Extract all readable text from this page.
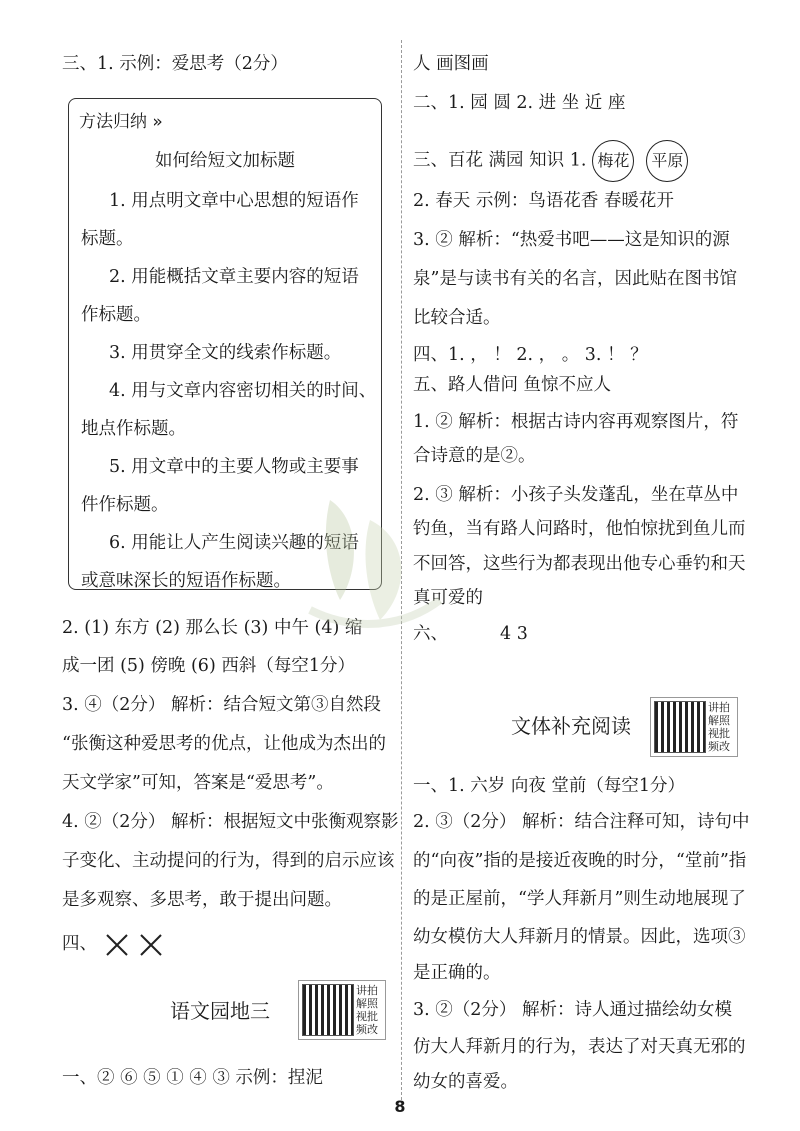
三、1. 示例：爱思考（2分）
方法归纳 »
如何给短文加标题
1. 用点明文章中心思想的短语作
标题。
2. 用能概括文章主要内容的短语
作标题。
3. 用贯穿全文的线索作标题。
4. 用与文章内容密切相关的时间、
地点作标题。
5. 用文章中的主要人物或主要事
件作标题。
6. 用能让人产生阅读兴趣的短语
或意味深长的短语作标题。
2. (1) 东方 (2) 那么长 (3) 中午 (4) 缩
成一团 (5) 傍晚 (6) 西斜（每空1分）
3. ④（2分） 解析：结合短文第③自然段
“张衡这种爱思考的优点，让他成为杰出的
天文学家”可知，答案是“爱思考”。
4. ②（2分） 解析：根据短文中张衡观察影
子变化、主动提问的行为，得到的启示应该
是多观察、多思考，敢于提出问题。
四、
语文园地三
一、② ⑥ ⑤ ① ④ ③ 示例：捏泥
讲拍 解照 视批 频改
人 画图画
二、1. 园 圆 2. 进 坐 近 座
三、百花 满园 知识 1. 梅花 平原
2. 春天 示例：鸟语花香 春暖花开
3. ② 解析：“热爱书吧——这是知识的源
泉”是与读书有关的名言，因此贴在图书馆
比较合适。
四、1. ， ！ 2. ， 。 3. ！ ？
五、路人借问 鱼惊不应人
1. ② 解析：根据古诗内容再观察图片，符
合诗意的是②。
2. ③ 解析：小孩子头发蓬乱，坐在草丛中
钓鱼，当有路人问路时，他怕惊扰到鱼儿而
不回答，这些行为都表现出他专心垂钓和天
真可爱的
六、	4 3
文体补充阅读
一、1. 六岁 向夜 堂前（每空1分）
2. ③（2分） 解析：结合注释可知，诗句中
的“向夜”指的是接近夜晚的时分，“堂前”指
的是正屋前，“学人拜新月”则生动地展现了
幼女模仿大人拜新月的情景。因此，选项③
是正确的。
3. ②（2分） 解析：诗人通过描绘幼女模
仿大人拜新月的行为，表达了对天真无邪的
幼女的喜爱。
讲拍 解照 视批 频改
8
